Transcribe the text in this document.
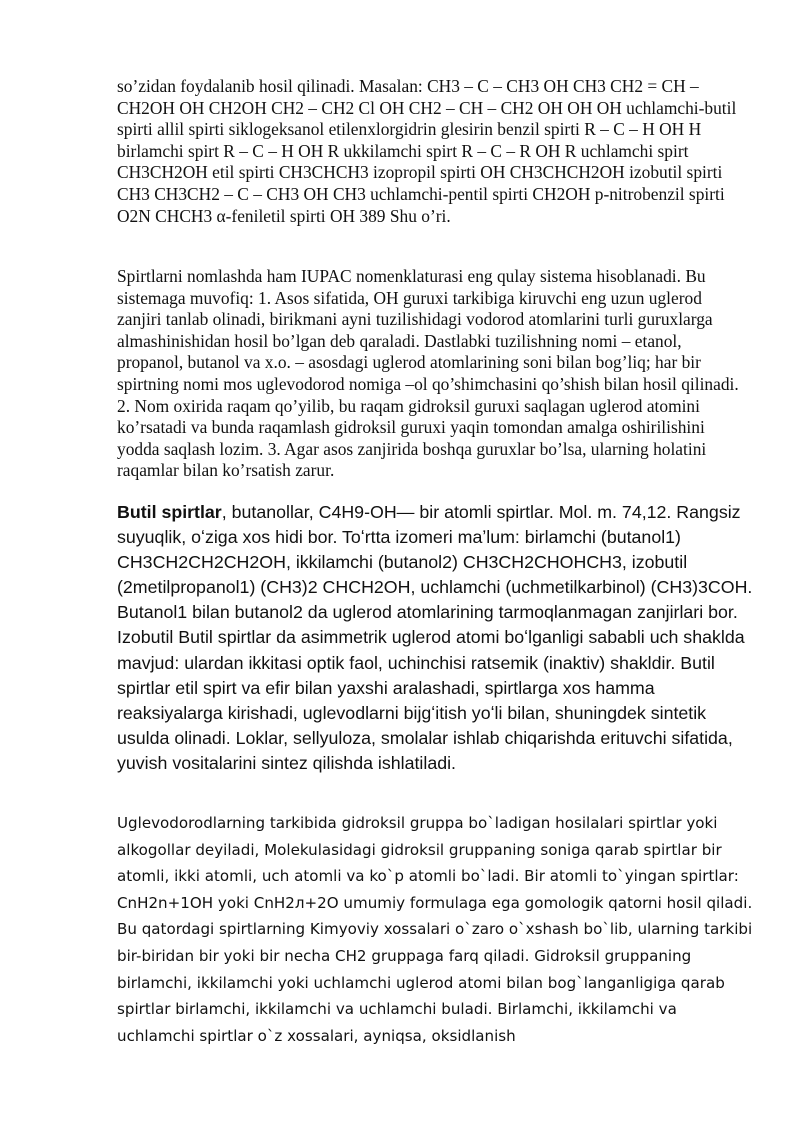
so’zidan foydalanib hosil qilinadi. Masalan: CH3 – C – CH3 OH CH3 CH2 = CH – CH2OH OH CH2OH CH2 – CH2 Cl OH CH2 – CH – CH2 OH OH OH uchlamchi-butil spirti allil spirti siklogeksanol etilenxlorgidrin glesirin benzil spirti R – C – H OH H birlamchi spirt R – C – H OH R ukkilamchi spirt R – C – R OH R uchlamchi spirt CH3CH2OH etil spirti CH3CHCH3 izopropil spirti OH CH3CHCH2OH izobutil spirti CH3 CH3CH2 – C – CH3 OH CH3 uchlamchi-pentil spirti CH2OH p-nitrobenzil spirti O2N CHCH3 α-feniletil spirti OH 389 Shu o’ri.

Spirtlarni nomlashda ham IUPAC nomenklaturasi eng qulay sistema hisoblanadi. Bu sistemaga muvofiq: 1. Asos sifatida, OH guruxi tarkibiga kiruvchi eng uzun uglerod zanjiri tanlab olinadi, birikmani ayni tuzilishidagi vodorod atomlarini turli guruxlarga almashinishidan hosil bo’lgan deb qaraladi. Dastlabki tuzilishning nomi – etanol, propanol, butanol va x.o. – asosdagi uglerod atomlarining soni bilan bog’liq; har bir spirtning nomi mos uglevodorod nomiga –ol qo’shimchasini qo’shish bilan hosil qilinadi. 2. Nom oxirida raqam qo’yilib, bu raqam gidroksil guruxi saqlagan uglerod atomini ko’rsatadi va bunda raqamlash gidroksil guruxi yaqin tomondan amalga oshirilishini yodda saqlash lozim. 3. Agar asos zanjirida boshqa guruxlar bo’lsa, ularning holatini raqamlar bilan ko’rsatish zarur.

Butil spirtlar, butanollar, C4H9-OH— bir atomli spirtlar. Mol. m. 74,12. Rangsiz suyuqlik, oʻziga xos hidi bor. Toʻrtta izomeri maʼlum: birlamchi (butanol1) CH3CH2CH2CH2OH, ikkilamchi (butanol2) CH3CH2CHOHCH3, izobutil (2metilpropanol1) (CH3)2 CHCH2OH, uchlamchi (uchmetilkarbinol) (CH3)3COH. Butanol1 bilan butanol2 da uglerod atomlarining tarmoqlanmagan zanjirlari bor. Izobutil Butil spirtlar da asimmetrik uglerod atomi boʻlganligi sababli uch shaklda mavjud: ulardan ikkitasi optik faol, uchinchisi ratsemik (inaktiv) shakldir. Butil spirtlar etil spirt va efir bilan yaxshi aralashadi, spirtlarga xos hamma reaksiyalarga kirishadi, uglevodlarni bijgʻitish yoʻli bilan, shuningdek sintetik usulda olinadi. Loklar, sellyuloza, smolalar ishlab chiqarishda erituvchi sifatida, yuvish vositalarini sintez qilishda ishlatiladi.

Uglevodorodlarning tarkibida gidroksil gruppa bo`ladigan hosilalari spirtlar yoki alkogollar deyiladi, Molekulasidagi gidroksil gruppaning soniga qarab spirtlar bir atomli, ikki atomli, uch atomli va ko`p atomli bo`ladi. Bir atomli to`yingan spirtlar: СnH2n+1OH yoki CnH2л+2O umumiy formulaga ega gomologik qatorni hosil qiladi. Bu qatordagi spirtlarning Kimyoviy xossalari o`zaro o`xshash bo`lib, ularning tarkibi bir-biridan bir yoki bir necha CH2 gruppaga farq qiladi. Gidroksil gruppaning birlamchi, ikkilamchi yoki uchlamchi uglerod atomi bilan bog`langanligiga qarab spirtlar birlamchi, ikkilamchi va uchlamchi buladi. Birlamchi, ikkilamchi va uchlamchi spirtlar o`z xossalari, ayniqsa, oksidlanish
